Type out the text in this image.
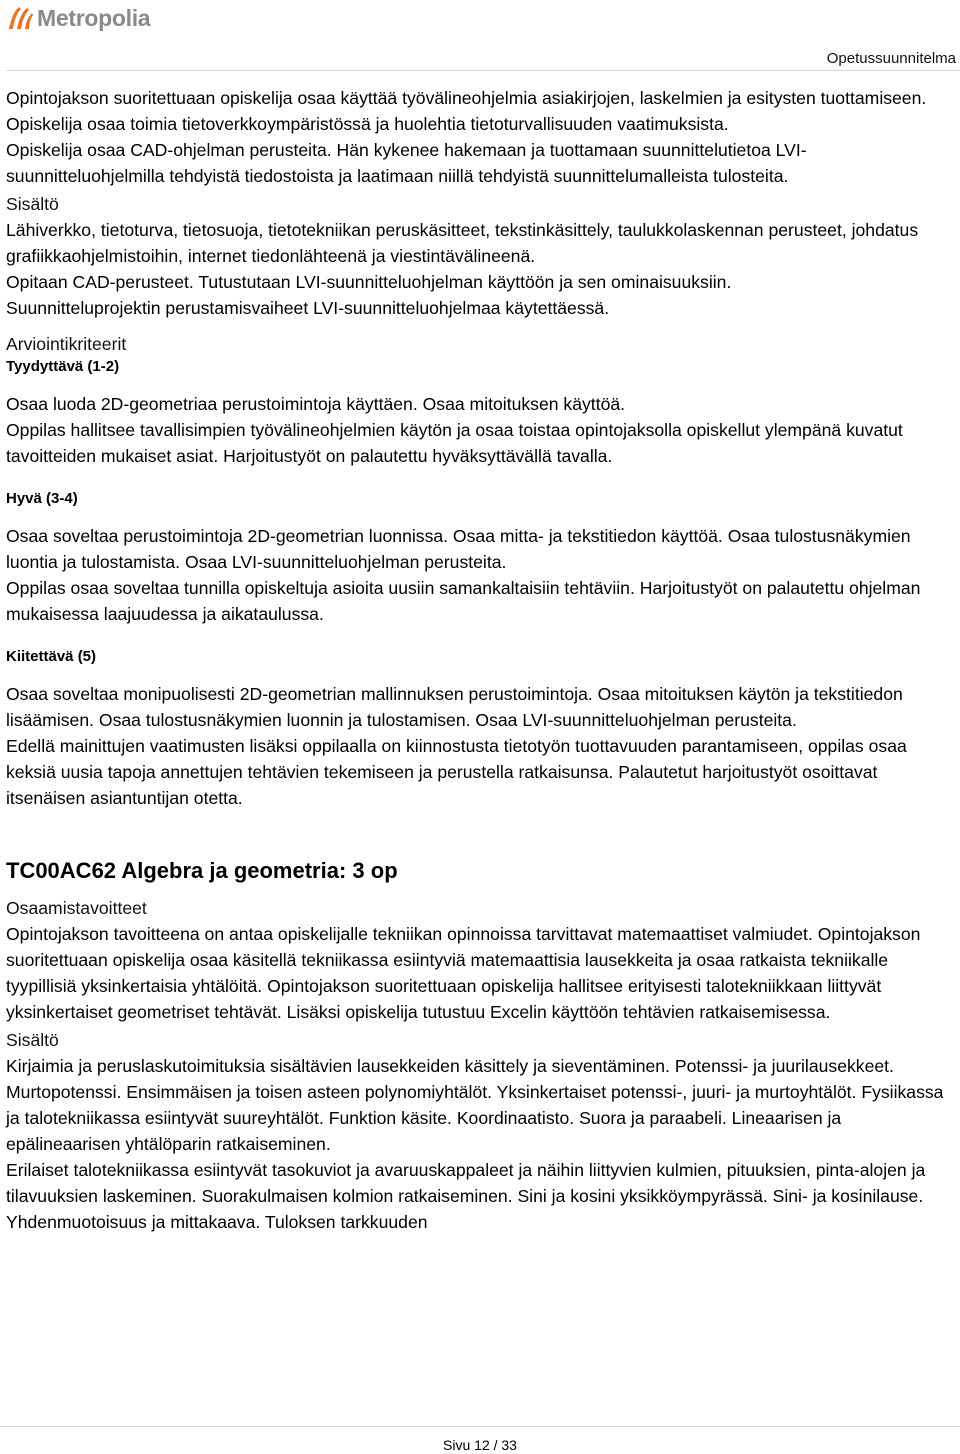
Metropolia
Opetussuunnitelma

Opintojakson suoritettuaan opiskelija osaa käyttää työvälineohjelmia asiakirjojen, laskelmien ja esitysten tuottamiseen. Opiskelija osaa toimia tietoverkkoympäristössä ja huolehtia tietoturvallisuuden vaatimuksista.

Opiskelija osaa CAD-ohjelman perusteita. Hän kykenee hakemaan ja tuottamaan suunnittelutietoa LVI-suunnitteluohjelmilla tehdyistä tiedostoista ja laatimaan niillä tehdyistä suunnittelumalleista tulosteita.

Sisältö

Lähiverkko, tietoturva, tietosuoja, tietotekniikan peruskäsitteet, tekstinkäsittely, taulukkolaskennan perusteet, johdatus grafiikkaohjelmistoihin, internet tiedonlähteenä ja viestintävälineenä.

Opitaan CAD-perusteet. Tutustutaan LVI-suunnitteluohjelman käyttöön ja sen ominaisuuksiin.

Suunnitteluprojektin perustamisvaiheet LVI-suunnitteluohjelmaa käytettäessä.

Arviointikriteerit
Tyydyttävä (1-2)

Osaa luoda 2D-geometriaa perustoimintoja käyttäen. Osaa mitoituksen käyttöä.

Oppilas hallitsee tavallisimpien työvälineohjelmien käytön ja osaa toistaa opintojaksolla opiskellut ylempänä kuvatut tavoitteiden mukaiset asiat. Harjoitustyöt on palautettu hyväksyttävällä tavalla.

Hyvä (3-4)

Osaa soveltaa perustoimintoja 2D-geometrian luonnissa. Osaa mitta- ja tekstitiedon käyttöä. Osaa tulostusnäkymien luontia ja tulostamista. Osaa LVI-suunnitteluohjelman perusteita.

Oppilas osaa soveltaa tunnilla opiskeltuja asioita uusiin samankaltaisiin tehtäviin. Harjoitustyöt on palautettu ohjelman mukaisessa laajuudessa ja aikataulussa.

Kiitettävä (5)

Osaa soveltaa monipuolisesti 2D-geometrian mallinnuksen perustoimintoja. Osaa mitoituksen käytön ja tekstitiedon lisäämisen. Osaa tulostusnäkymien luonnin ja tulostamisen. Osaa LVI-suunnitteluohjelman perusteita.

Edellä mainittujen vaatimusten lisäksi oppilaalla on kiinnostusta tietotyön tuottavuuden parantamiseen, oppilas osaa keksiä uusia tapoja annettujen tehtävien tekemiseen ja perustella ratkaisunsa. Palautetut harjoitustyöt osoittavat itsenäisen asiantuntijan otetta.

TC00AC62 Algebra ja geometria: 3 op
Osaamistavoitteet

Opintojakson tavoitteena on antaa opiskelijalle tekniikan opinnoissa tarvittavat matemaattiset valmiudet. Opintojakson suoritettuaan opiskelija osaa käsitellä tekniikassa esiintyviä matemaattisia lausekkeita ja osaa ratkaista tekniikalle tyypillisiä yksinkertaisia yhtälöitä. Opintojakson suoritettuaan opiskelija hallitsee erityisesti talotekniikkaan liittyvät yksinkertaiset geometriset tehtävät. Lisäksi opiskelija tutustuu Excelin käyttöön tehtävien ratkaisemisessa.

Sisältö

Kirjaimia ja peruslaskutoimituksia sisältävien lausekkeiden käsittely ja sieventäminen. Potenssi- ja juurilausekkeet. Murtopotenssi. Ensimmäisen ja toisen asteen polynomiyhtälöt. Yksinkertaiset potenssi-, juuri- ja murtoyhtälöt. Fysiikassa ja talotekniikassa esiintyvät suureyhtälöt. Funktion käsite. Koordinaatisto. Suora ja paraabeli. Lineaarisen ja epälineaarisen yhtälöparin ratkaiseminen.

Erilaiset talotekniikassa esiintyvät tasokuviot ja avaruuskappaleet ja näihin liittyvien kulmien, pituuksien, pinta-alojen ja tilavuuksien laskeminen. Suorakulmaisen kolmion ratkaiseminen. Sini ja kosini yksikköympyrässä. Sini- ja kosinilause. Yhdenmuotoisuus ja mittakaava. Tuloksen tarkkuuden

Sivu 12 / 33
